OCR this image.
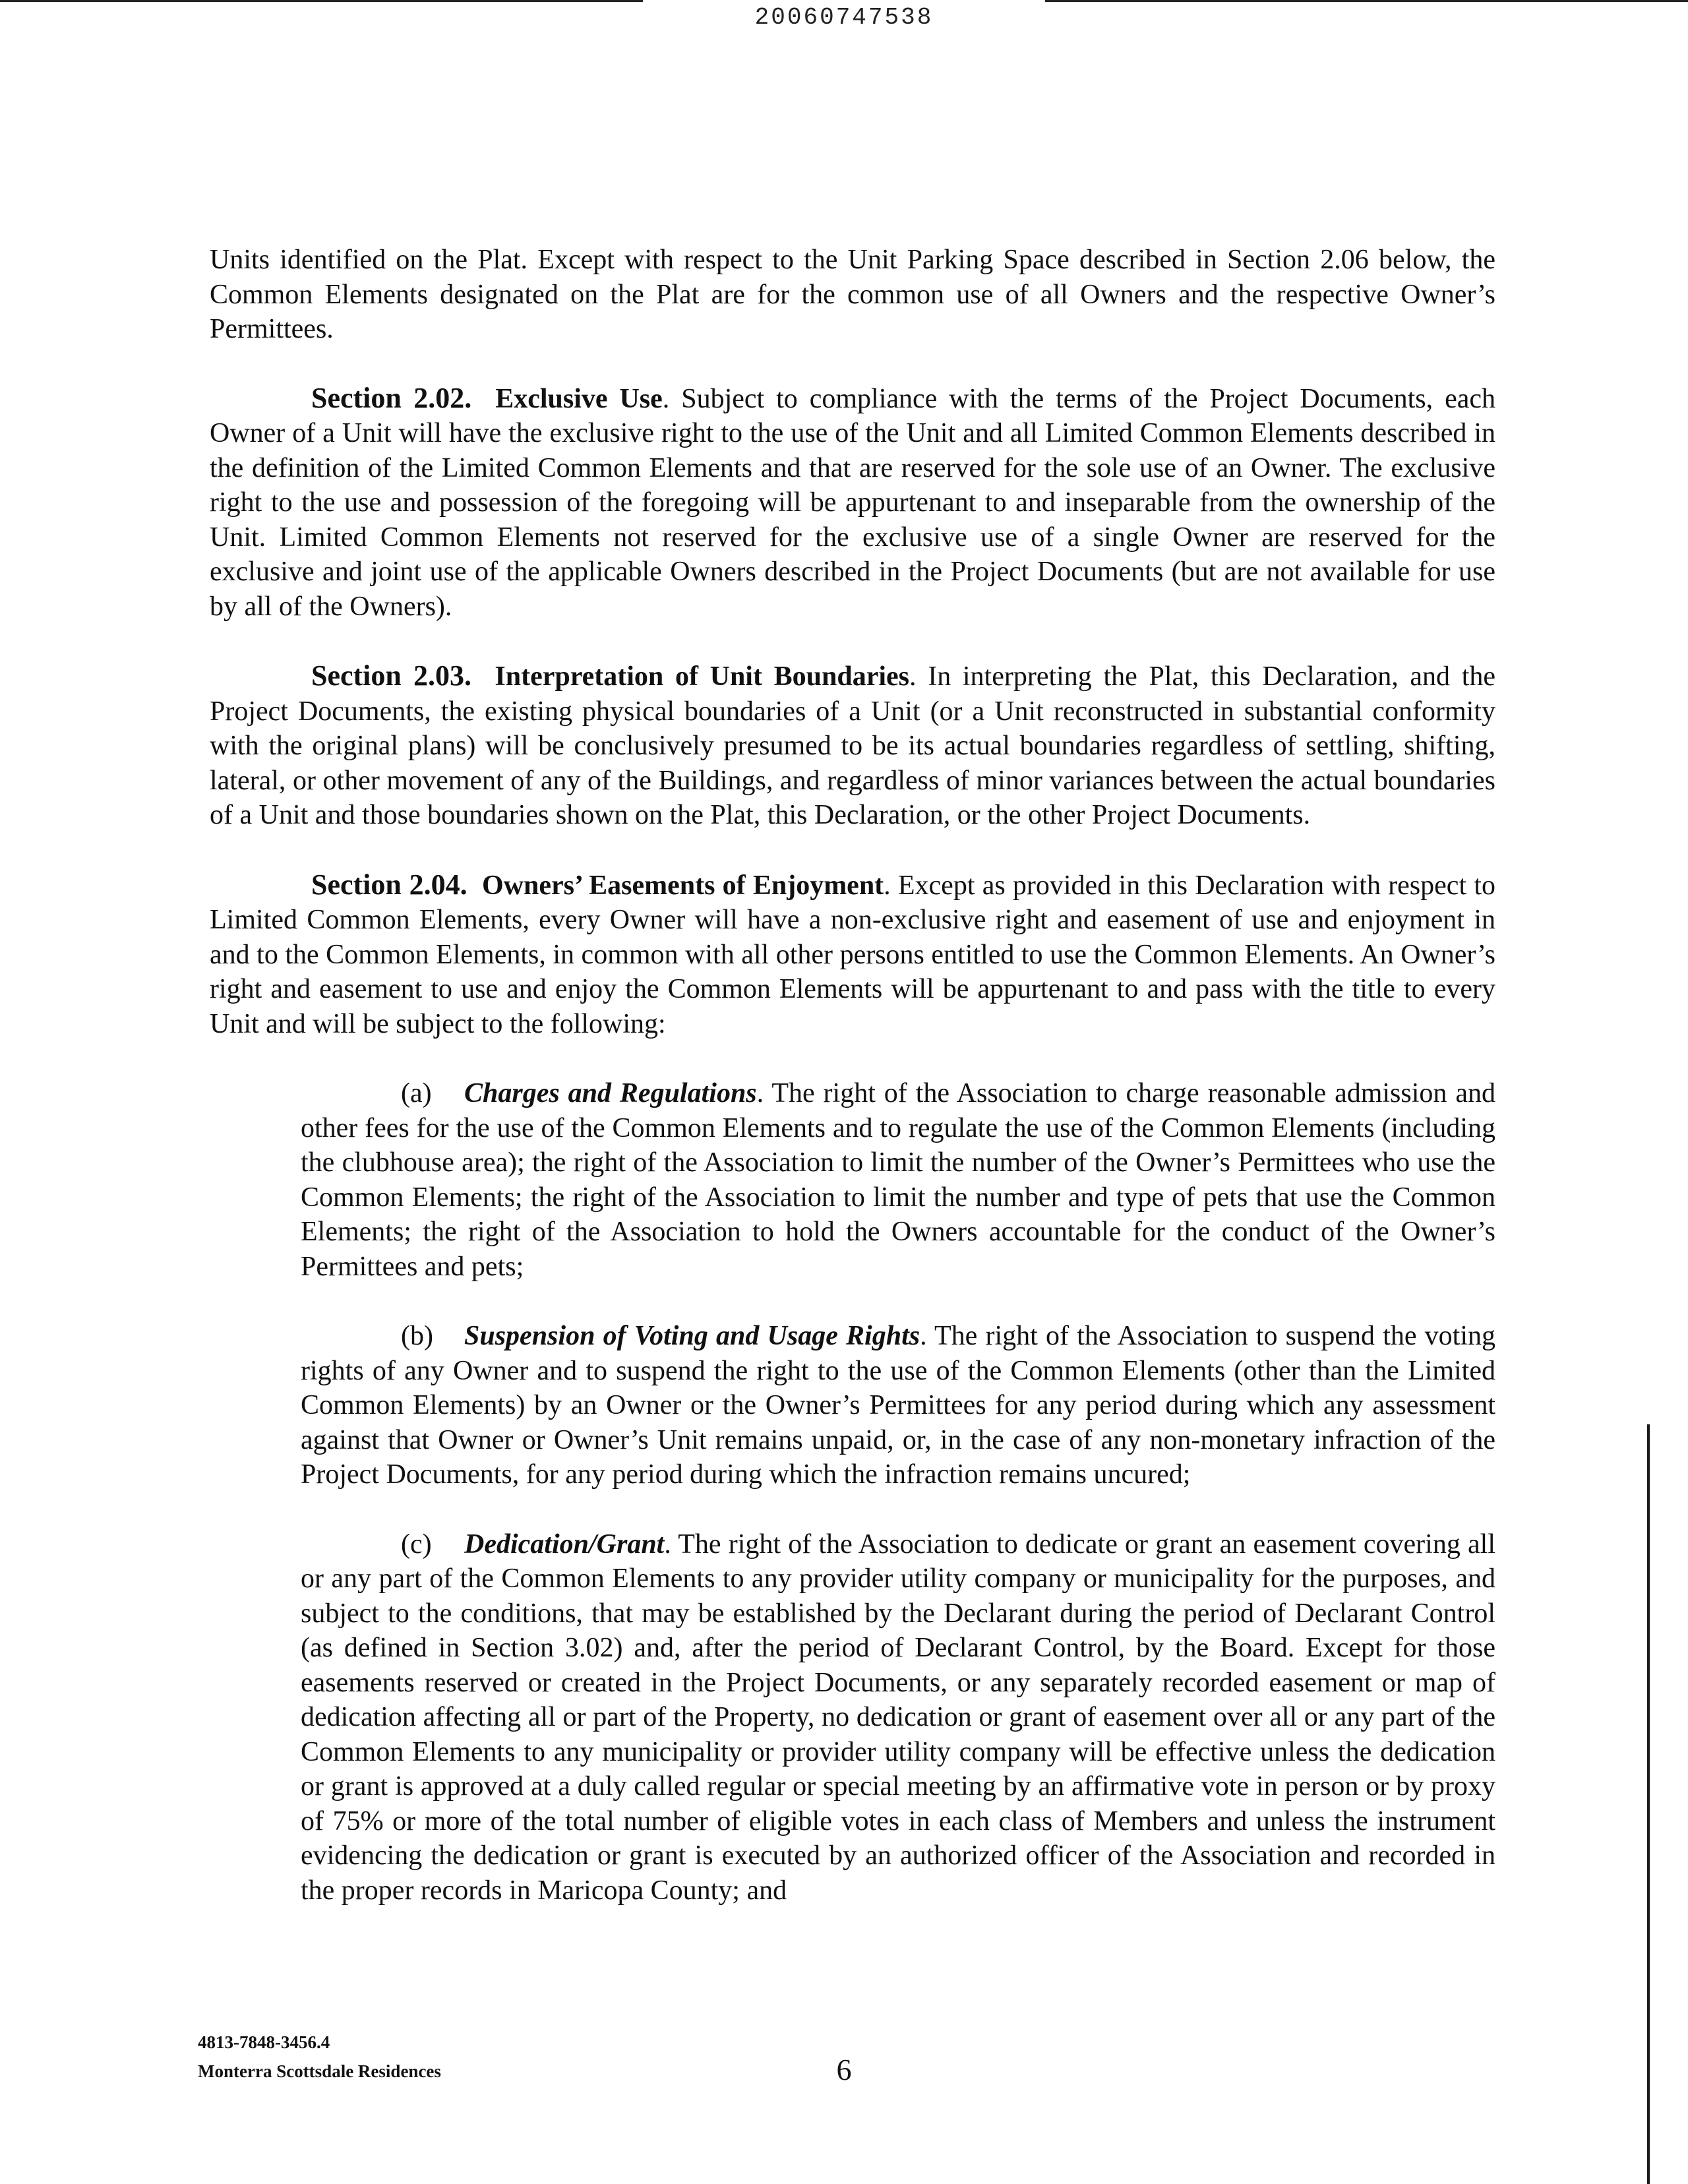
20060747538

Units identified on the Plat. Except with respect to the Unit Parking Space described in Section 2.06 below, the Common Elements designated on the Plat are for the common use of all Owners and the respective Owner’s Permittees.

Section 2.02. Exclusive Use. Subject to compliance with the terms of the Project Documents, each Owner of a Unit will have the exclusive right to the use of the Unit and all Limited Common Elements described in the definition of the Limited Common Elements and that are reserved for the sole use of an Owner. The exclusive right to the use and possession of the foregoing will be appurtenant to and inseparable from the ownership of the Unit. Limited Common Elements not reserved for the exclusive use of a single Owner are reserved for the exclusive and joint use of the applicable Owners described in the Project Documents (but are not available for use by all of the Owners).

Section 2.03. Interpretation of Unit Boundaries. In interpreting the Plat, this Declaration, and the Project Documents, the existing physical boundaries of a Unit (or a Unit reconstructed in substantial conformity with the original plans) will be conclusively presumed to be its actual boundaries regardless of settling, shifting, lateral, or other movement of any of the Buildings, and regardless of minor variances between the actual boundaries of a Unit and those boundaries shown on the Plat, this Declaration, or the other Project Documents.

Section 2.04. Owners’ Easements of Enjoyment. Except as provided in this Declaration with respect to Limited Common Elements, every Owner will have a non-exclusive right and easement of use and enjoyment in and to the Common Elements, in common with all other persons entitled to use the Common Elements. An Owner’s right and easement to use and enjoy the Common Elements will be appurtenant to and pass with the title to every Unit and will be subject to the following:

(a) Charges and Regulations. The right of the Association to charge reasonable admission and other fees for the use of the Common Elements and to regulate the use of the Common Elements (including the clubhouse area); the right of the Association to limit the number of the Owner’s Permittees who use the Common Elements; the right of the Association to limit the number and type of pets that use the Common Elements; the right of the Association to hold the Owners accountable for the conduct of the Owner’s Permittees and pets;

(b) Suspension of Voting and Usage Rights. The right of the Association to suspend the voting rights of any Owner and to suspend the right to the use of the Common Elements (other than the Limited Common Elements) by an Owner or the Owner’s Permittees for any period during which any assessment against that Owner or Owner’s Unit remains unpaid, or, in the case of any non-monetary infraction of the Project Documents, for any period during which the infraction remains uncured;

(c) Dedication/Grant. The right of the Association to dedicate or grant an easement covering all or any part of the Common Elements to any provider utility company or municipality for the purposes, and subject to the conditions, that may be established by the Declarant during the period of Declarant Control (as defined in Section 3.02) and, after the period of Declarant Control, by the Board. Except for those easements reserved or created in the Project Documents, or any separately recorded easement or map of dedication affecting all or part of the Property, no dedication or grant of easement over all or any part of the Common Elements to any municipality or provider utility company will be effective unless the dedication or grant is approved at a duly called regular or special meeting by an affirmative vote in person or by proxy of 75% or more of the total number of eligible votes in each class of Members and unless the instrument evidencing the dedication or grant is executed by an authorized officer of the Association and recorded in the proper records in Maricopa County; and

4813-7848-3456.4
Monterra Scottsdale Residences	6
